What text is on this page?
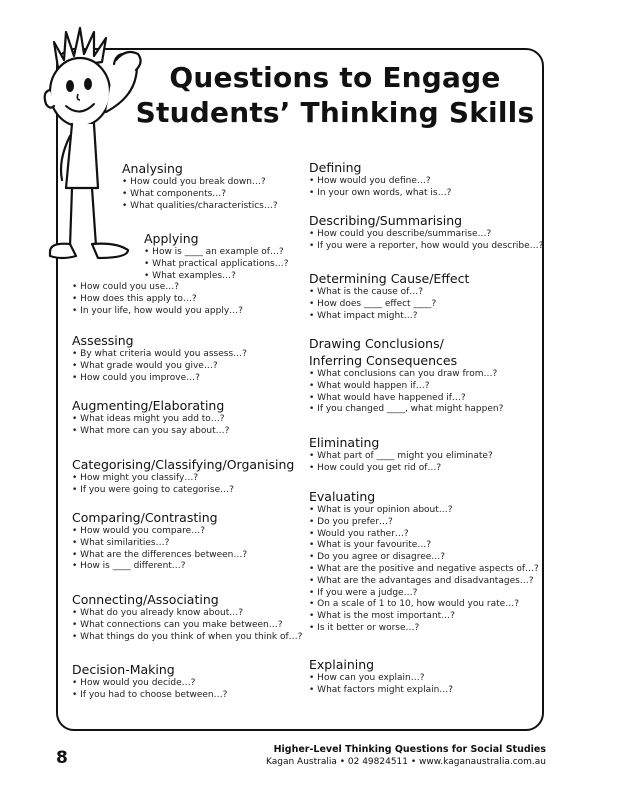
Questions to Engage
Students’ Thinking Skills
Analysing
• How could you break down…?
• What components…?
• What qualities/characteristics…?
Applying
• How is ____ an example of…?
• What practical applications…?
• What examples…?
• How could you use…?
• How does this apply to…?
• In your life, how would you apply…?
Assessing
• By what criteria would you assess…?
• What grade would you give…?
• How could you improve…?
Augmenting/Elaborating
• What ideas might you add to…?
• What more can you say about…?
Categorising/Classifying/Organising
• How might you classify…?
• If you were going to categorise…?
Comparing/Contrasting
• How would you compare…?
• What similarities…?
• What are the differences between…?
• How is ____ different…?
Connecting/Associating
• What do you already know about…?
• What connections can you make between…?
• What things do you think of when you think of…?
Decision-Making
• How would you decide…?
• If you had to choose between…?
Defining
• How would you define…?
• In your own words, what is…?
Describing/Summarising
• How could you describe/summarise…?
• If you were a reporter, how would you describe…?
Determining Cause/Effect
• What is the cause of…?
• How does ____ effect ____?
• What impact might…?
Drawing Conclusions/
Inferring Consequences
• What conclusions can you draw from…?
• What would happen if…?
• What would have happened if…?
• If you changed ____, what might happen?
Eliminating
• What part of ____ might you eliminate?
• How could you get rid of…?
Evaluating
• What is your opinion about…?
• Do you prefer…?
• Would you rather…?
• What is your favourite…?
• Do you agree or disagree…?
• What are the positive and negative aspects of…?
• What are the advantages and disadvantages…?
• If you were a judge…?
• On a scale of 1 to 10, how would you rate…?
• What is the most important…?
• Is it better or worse…?
Explaining
• How can you explain…?
• What factors might explain…?
8	Higher-Level Thinking Questions for Social Studies
Kagan Australia • 02 49824511 • www.kaganaustralia.com.au
